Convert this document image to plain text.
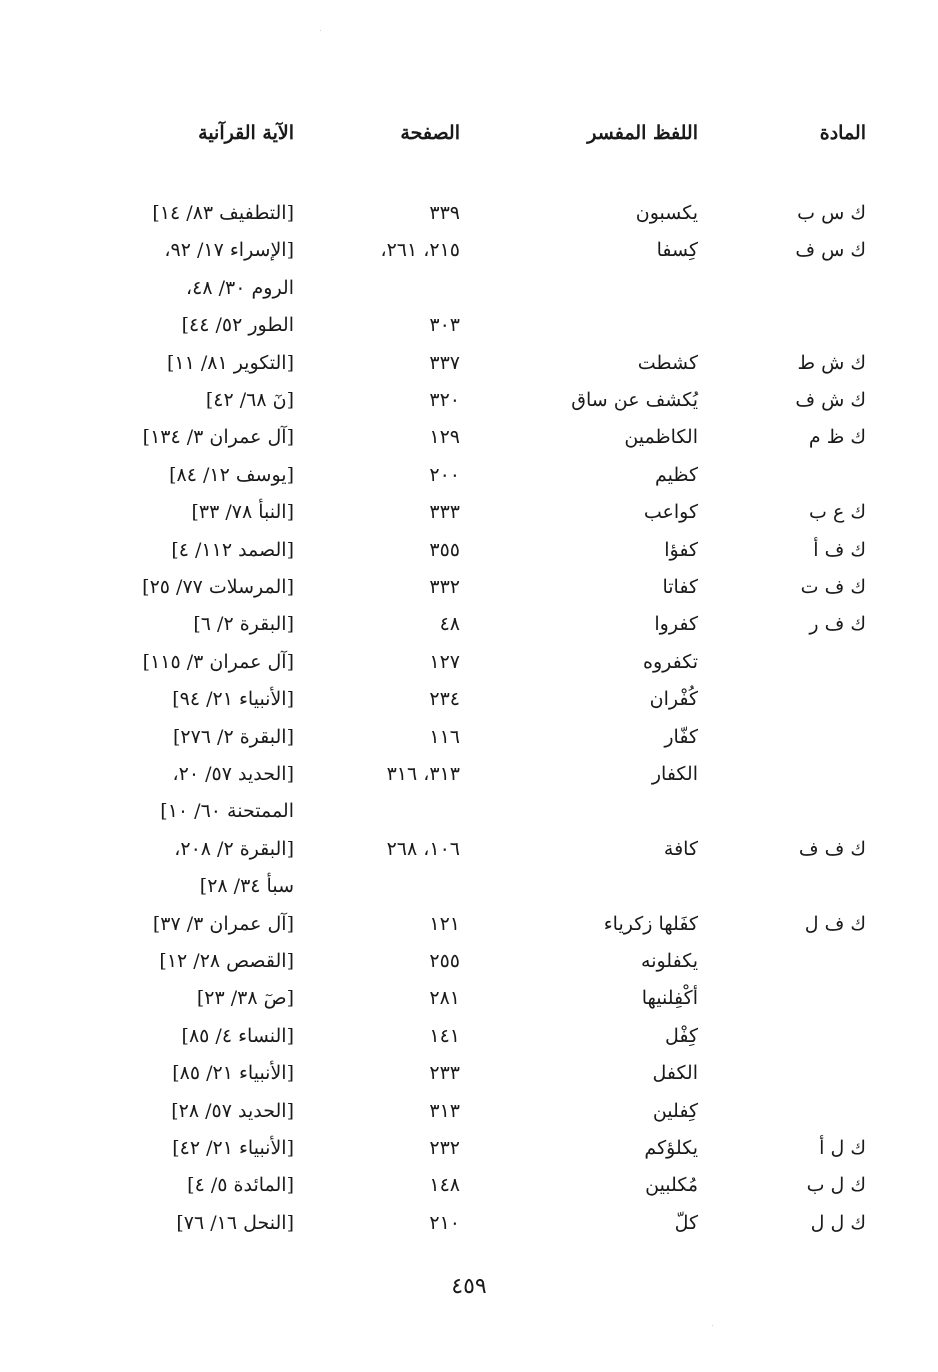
المادة
اللفظ المفسر
الصفحة
الآية القرآنية
ك س ب
يكسبون
٣٣٩
[التطفيف ٨٣/ ١٤]
ك س ف
كِسفا
٢١٥، ٢٦١،
[الإسراء ١٧/ ٩٢،
الروم ٣٠/ ٤٨،
٣٠٣
الطور ٥٢/ ٤٤]
ك ش ط
كشطت
٣٣٧
[التكوير ٨١/ ١١]
ك ش ف
يُكشف عن ساق
٣٢٠
[نٓ ٦٨/ ٤٢]
ك ظ م
الكاظمين
١٢٩
[آل عمران ٣/ ١٣٤]
كظيم
٢٠٠
[يوسف ١٢/ ٨٤]
ك ع ب
كواعب
٣٣٣
[النبأ ٧٨/ ٣٣]
ك ف أ
كفؤا
٣٥٥
[الصمد ١١٢/ ٤]
ك ف ت
كفاتا
٣٣٢
[المرسلات ٧٧/ ٢٥]
ك ف ر
كفروا
٤٨
[البقرة ٢/ ٦]
تكفروه
١٢٧
[آل عمران ٣/ ١١٥]
كُفْران
٢٣٤
[الأنبياء ٢١/ ٩٤]
كفّار
١١٦
[البقرة ٢/ ٢٧٦]
الكفار
٣١٣، ٣١٦
[الحديد ٥٧/ ٢٠،
الممتحنة ٦٠/ ١٠]
ك ف ف
كافة
١٠٦، ٢٦٨
[البقرة ٢/ ٢٠٨،
سبأ ٣٤/ ٢٨]
ك ف ل
كفَلها زكرياء
١٢١
[آل عمران ٣/ ٣٧]
يكفلونه
٢٥٥
[القصص ٢٨/ ١٢]
أكْفِلنيها
٢٨١
[صٓ ٣٨/ ٢٣]
كِفْل
١٤١
[النساء ٤/ ٨٥]
الكفل
٢٣٣
[الأنبياء ٢١/ ٨٥]
كِفلين
٣١٣
[الحديد ٥٧/ ٢٨]
ك ل أ
يكلؤكم
٢٣٢
[الأنبياء ٢١/ ٤٢]
ك ل ب
مُكلبين
١٤٨
[المائدة ٥/ ٤]
ك ل ل
كلّ
٢١٠
[النحل ١٦/ ٧٦]
٤٥٩
